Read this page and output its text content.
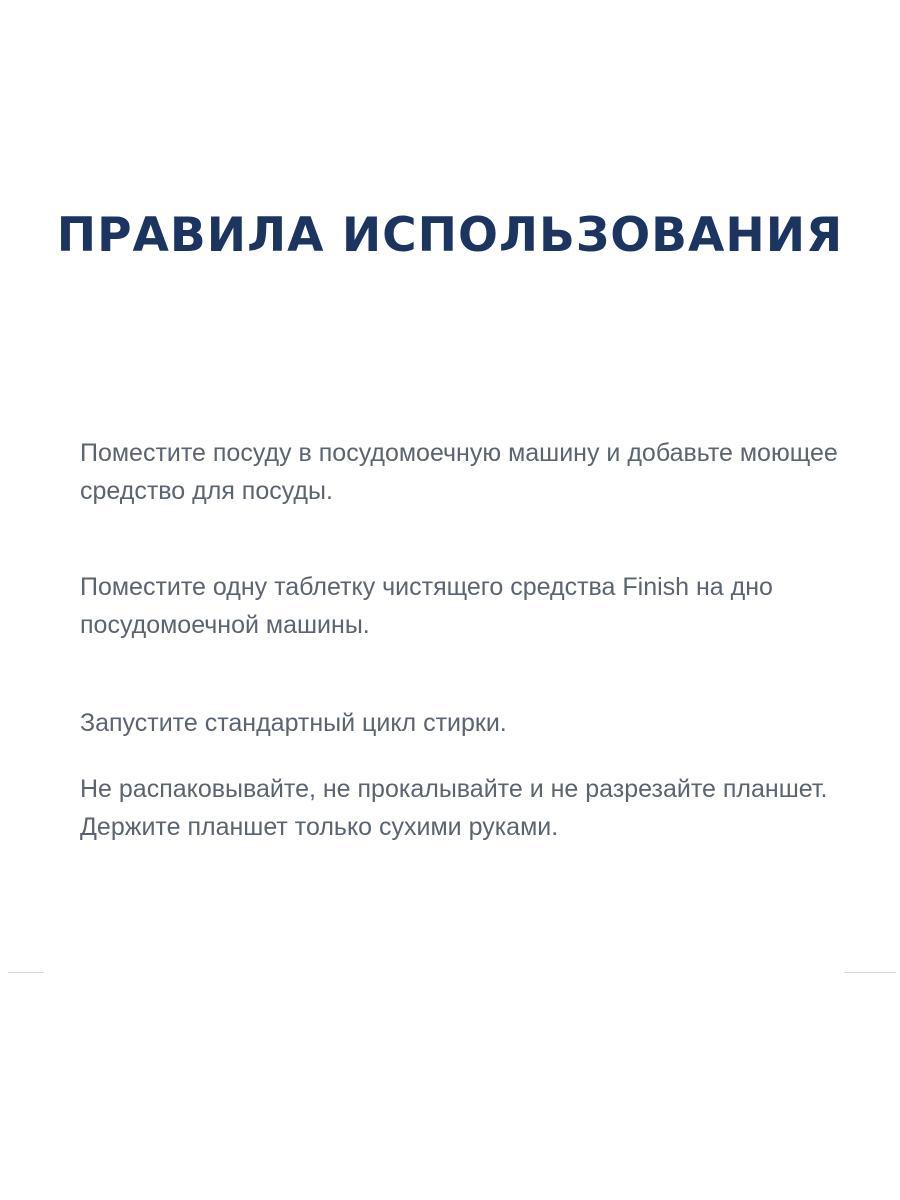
ПРАВИЛА ИСПОЛЬЗОВАНИЯ

Поместите посуду в посудомоечную машину и добавьте моющее средство для посуды.

Поместите одну таблетку чистящего средства Finish на дно посудомоечной машины.

Запустите стандартный цикл стирки.

Не распаковывайте, не прокалывайте и не разрезайте планшет. Держите планшет только сухими руками.
